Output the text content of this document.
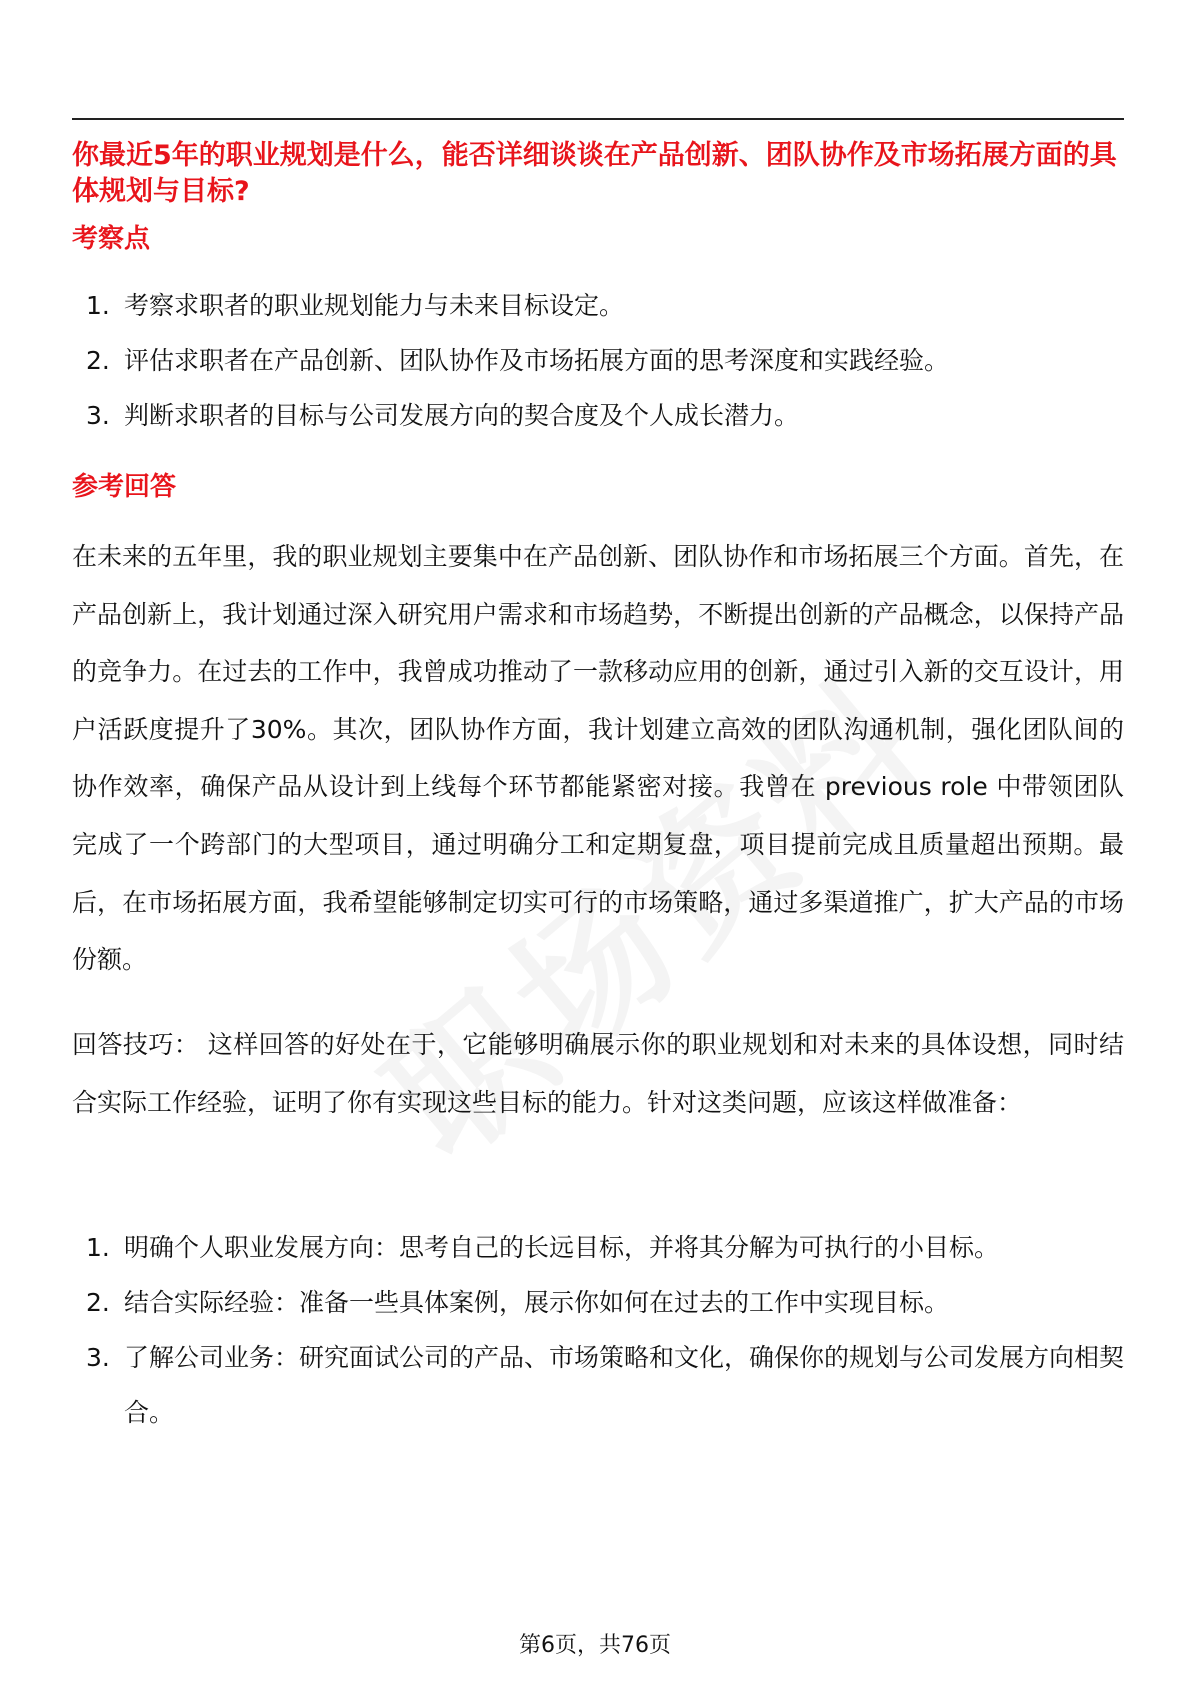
你最近5年的职业规划是什么，能否详细谈谈在产品创新、团队协作及市场拓展方面的具体规划与目标?
考察点
1. 考察求职者的职业规划能力与未来目标设定。
2. 评估求职者在产品创新、团队协作及市场拓展方面的思考深度和实践经验。
3. 判断求职者的目标与公司发展方向的契合度及个人成长潜力。
参考回答

在未来的五年里，我的职业规划主要集中在产品创新、团队协作和市场拓展三个方面。首先，在产品创新上，我计划通过深入研究用户需求和市场趋势，不断提出创新的产品概念，以保持产品的竞争力。在过去的工作中，我曾成功推动了一款移动应用的创新，通过引入新的交互设计，用户活跃度提升了30%。其次，团队协作方面，我计划建立高效的团队沟通机制，强化团队间的协作效率，确保产品从设计到上线每个环节都能紧密对接。我曾在 previous role 中带领团队完成了一个跨部门的大型项目，通过明确分工和定期复盘，项目提前完成且质量超出预期。最后，在市场拓展方面，我希望能够制定切实可行的市场策略，通过多渠道推广，扩大产品的市场份额。

回答技巧： 这样回答的好处在于，它能够明确展示你的职业规划和对未来的具体设想，同时结合实际工作经验，证明了你有实现这些目标的能力。针对这类问题，应该这样做准备：

1. 明确个人职业发展方向：思考自己的长远目标，并将其分解为可执行的小目标。
2. 结合实际经验：准备一些具体案例，展示你如何在过去的工作中实现目标。
3. 了解公司业务：研究面试公司的产品、市场策略和文化，确保你的规划与公司发展方向相契合。
第6页，共76页
